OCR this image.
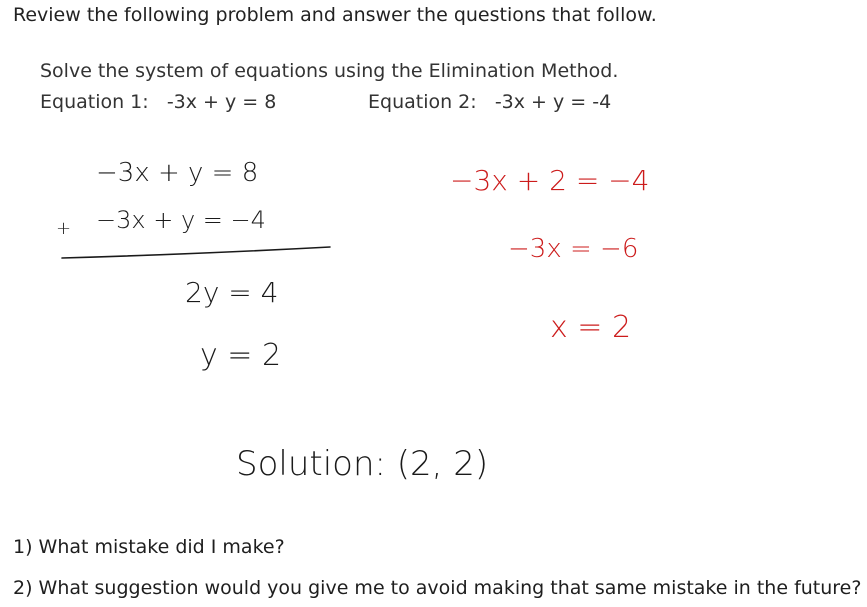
Review the following problem and answer the questions that follow.
Solve the system of equations using the Elimination Method.
Equation 1: -3x + y = 8	Equation 2: -3x + y = -4
−3x + y = 8
+ −3x + y = −4
2y = 4
y = 2
−3x + 2 = −4
−3x = −6
x = 2
Solution: (2, 2)
1) What mistake did I make?
2) What suggestion would you give me to avoid making that same mistake in the future?
